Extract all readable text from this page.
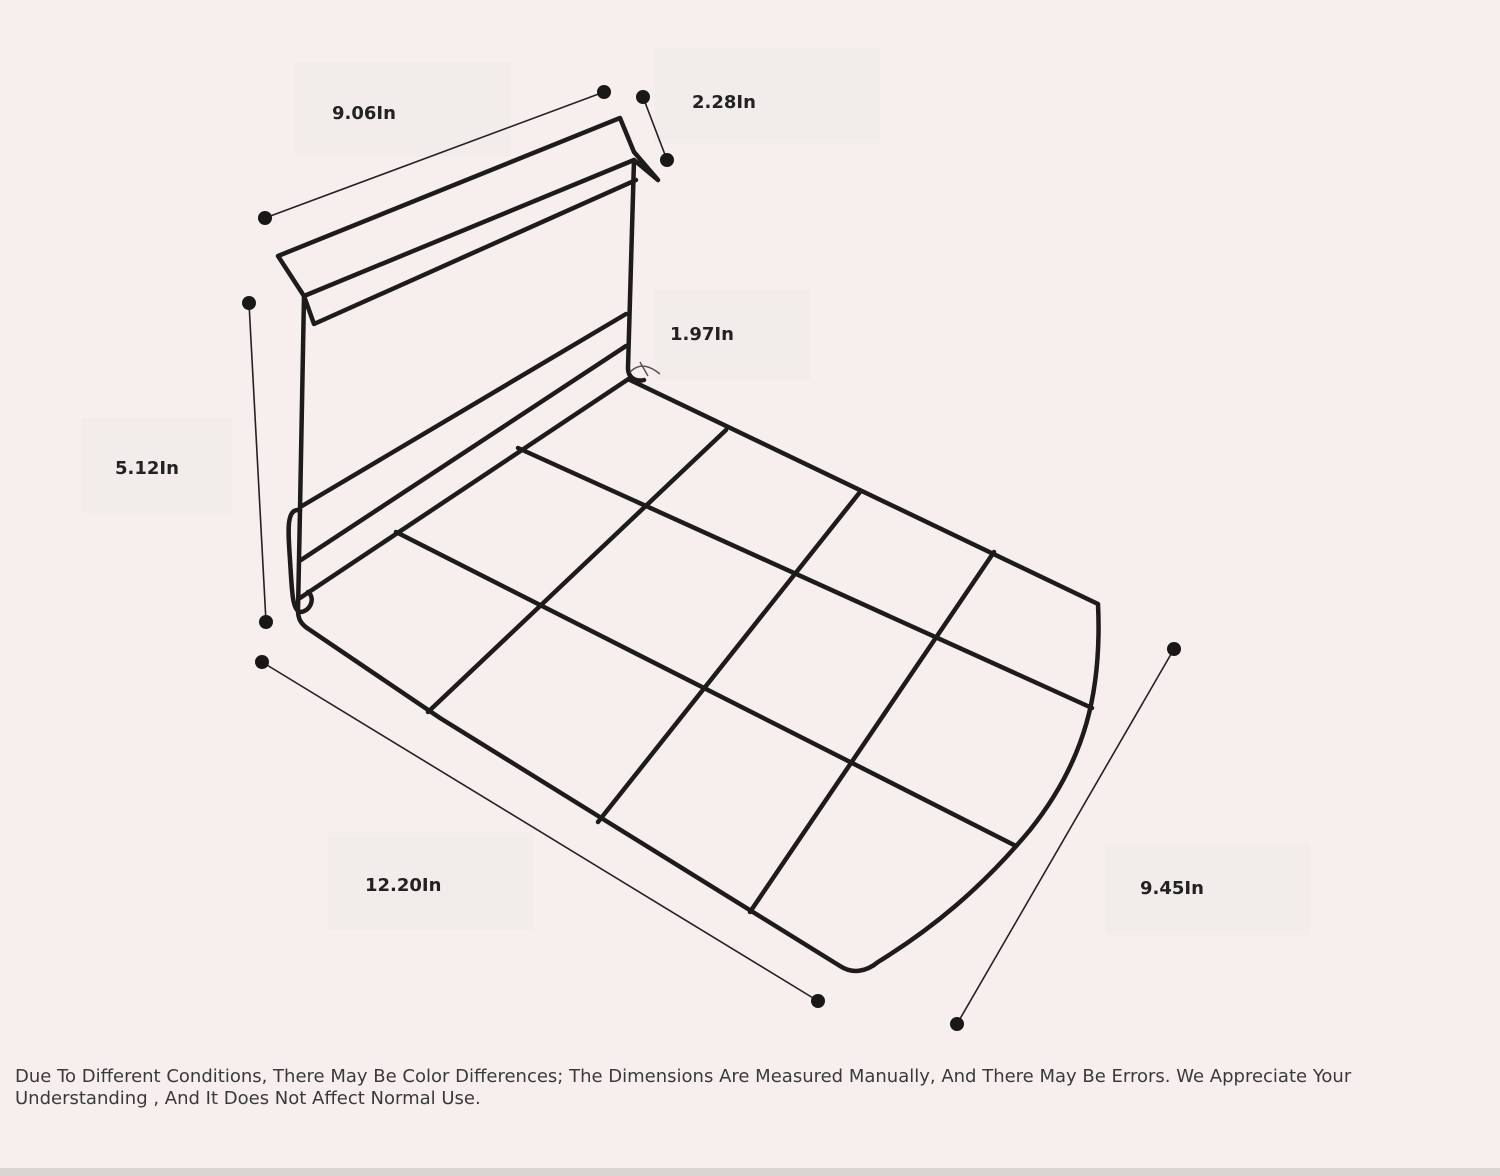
9.06In
2.28In
1.97In
5.12In
12.20In	9.45In
Due To Different Conditions, There May Be Color Differences; The Dimensions Are Measured Manually, And There May Be Errors. We Appreciate Your Understanding , And It Does Not Affect Normal Use.
